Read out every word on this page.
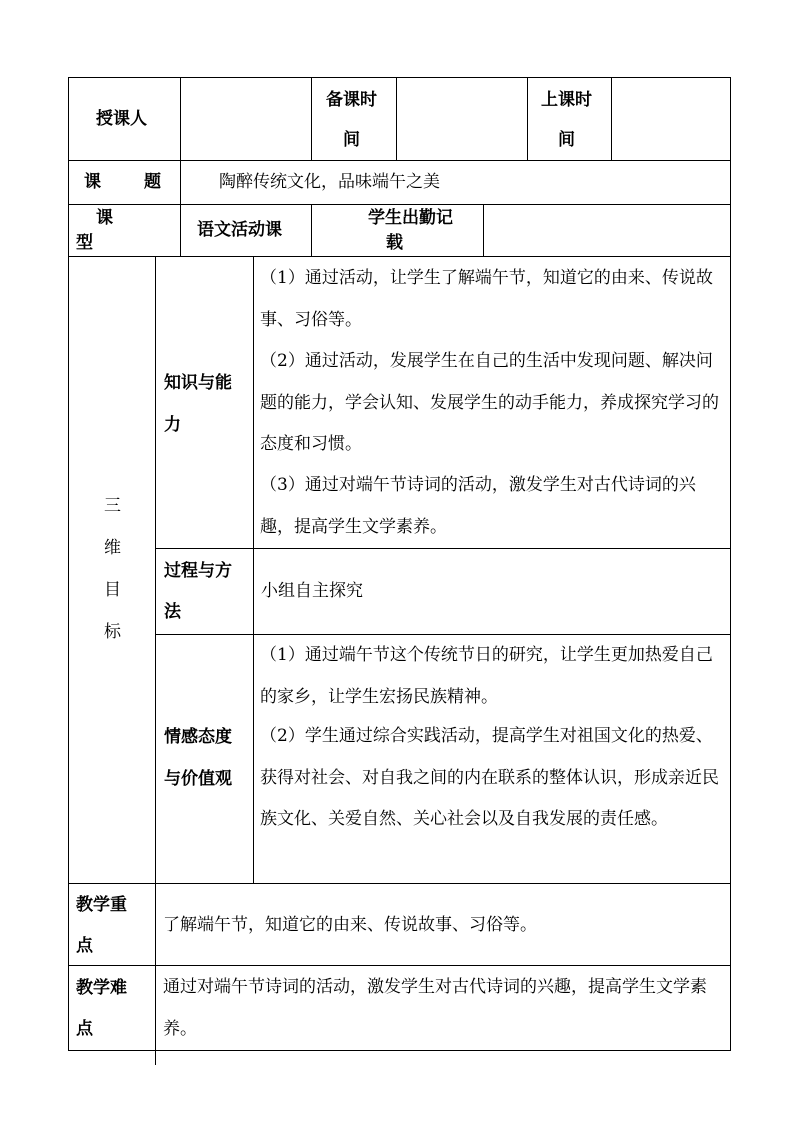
授课人
备课时
间
上课时
间
课	题	陶醉传统文化，品味端午之美
课
型
语文活动课
学生出勤记
载
三
维
目
标
知识与能
力
（1）通过活动，让学生了解端午节，知道它的由来、传说故事、习俗等。
（2）通过活动，发展学生在自己的生活中发现问题、解决问题的能力，学会认知、发展学生的动手能力，养成探究学习的态度和习惯。
（3）通过对端午节诗词的活动，激发学生对古代诗词的兴趣，提高学生文学素养。
过程与方
法
小组自主探究
情感态度
与价值观
（1）通过端午节这个传统节日的研究，让学生更加热爱自己的家乡，让学生宏扬民族精神。
（2）学生通过综合实践活动，提高学生对祖国文化的热爱、获得对社会、对自我之间的内在联系的整体认识，形成亲近民族文化、关爱自然、关心社会以及自我发展的责任感。
教学重
点
了解端午节，知道它的由来、传说故事、习俗等。
教学难
点
通过对端午节诗词的活动，激发学生对古代诗词的兴趣，提高学生文学素养。
